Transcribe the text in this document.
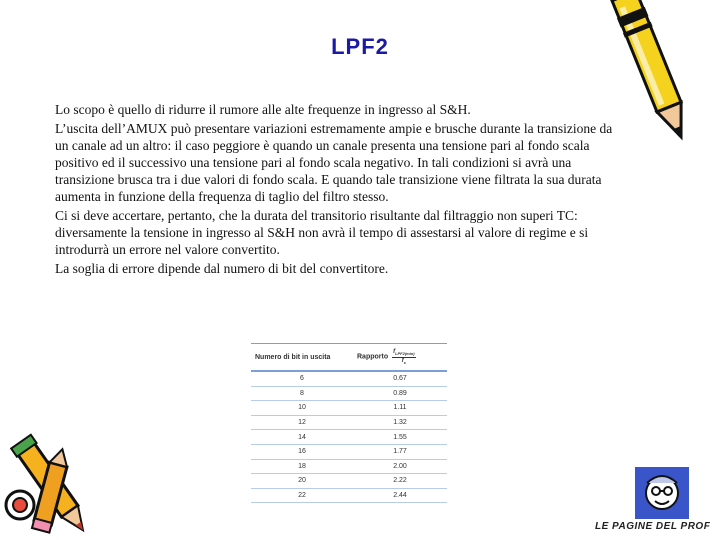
LPF2

Lo scopo è quello di ridurre il rumore alle alte frequenze in ingresso al S&H.

L’uscita dell’AMUX può presentare variazioni estremamente ampie e brusche durante la transizione da un canale ad un altro: il caso peggiore è quando un canale presenta una tensione pari al fondo scala positivo ed il successivo una tensione pari al fondo scala negativo. In tali condizioni si avrà una transizione brusca tra i due valori di fondo scala. E quando tale transizione viene filtrata la sua durata aumenta in funzione della frequenza di taglio del filtro stesso.

Ci si deve accertare, pertanto, che la durata del transitorio risultante dal filtraggio non superi TC: diversamente la tensione in ingresso al S&H non avrà il tempo di assestarsi al valore di regime e si introdurrà un errore nel valore convertito.

La soglia di errore dipende dal numero di bit del convertitore.

Numero di bit in uscita	Rapporto $\frac{f_{LPF2(min)}}{f_c}$

6	0.67
8	0.89
10	1.11
12	1.32
14	1.55
16	1.77
18	2.00
20	2.22
22	2.44
LE PAGINE DEL PROF
